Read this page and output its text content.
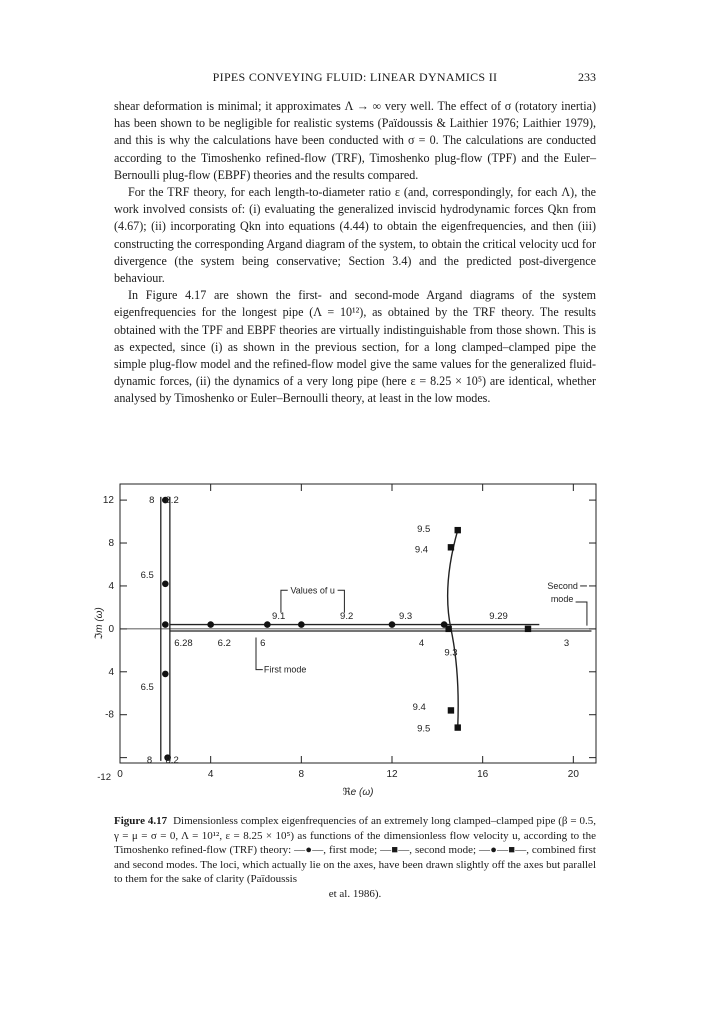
PIPES CONVEYING FLUID: LINEAR DYNAMICS II	233

shear deformation is minimal; it approximates Λ → ∞ very well. The effect of σ (rotatory inertia) has been shown to be negligible for realistic systems (Païdoussis & Laithier 1976; Laithier 1979), and this is why the calculations have been conducted with σ = 0. The calculations are conducted according to the Timoshenko refined-flow (TRF), Timoshenko plug-flow (TPF) and the Euler–Bernoulli plug-flow (EBPF) theories and the results compared.

For the TRF theory, for each length-to-diameter ratio ε (and, correspondingly, for each Λ), the work involved consists of: (i) evaluating the generalized inviscid hydrodynamic forces Qkn from (4.67); (ii) incorporating Qkn into equations (4.44) to obtain the eigenfrequencies, and then (iii) constructing the corresponding Argand diagram of the system, to obtain the critical velocity ucd for divergence (the system being conservative; Section 3.4) and the predicted post-divergence behaviour.

In Figure 4.17 are shown the first- and second-mode Argand diagrams of the system eigenfrequencies for the longest pipe (Λ = 10¹²), as obtained by the TRF theory. The results obtained with the TPF and EBPF theories are virtually indistinguishable from those shown. This is as expected, since (i) as shown in the previous section, for a long clamped–clamped pipe the simple plug-flow model and the refined-flow model give the same values for the generalized fluid-dynamic forces, (ii) the dynamics of a very long pipe (here ε = 8.25 × 10⁵) are identical, whether analysed by Timoshenko or Euler–Bernoulli theory, at least in the low modes.

0	4	8	12	16	20
12
8
4
0
4
-8
ℜe (ω)
ℑm (ω)
Values of u
First mode
Second
mode
8 8.2
6.5
6.28	6.2	6
9.1	9.2	9.3	9.29
4
9.3
3
9.5
9.4
9.4
9.5
6.5
8 8.2
-12
Figure 4.17 Dimensionless complex eigenfrequencies of an extremely long clamped–clamped pipe (β = 0.5, γ = μ = σ = 0, Λ = 10¹², ε = 8.25 × 10⁵) as functions of the dimensionless flow velocity u, according to the Timoshenko refined-flow (TRF) theory: —●—, first mode; —■—, second mode; —●—■—, combined first and second modes. The loci, which actually lie on the axes, have been drawn slightly off the axes but parallel to them for the sake of clarity (Païdoussis
et al. 1986).
